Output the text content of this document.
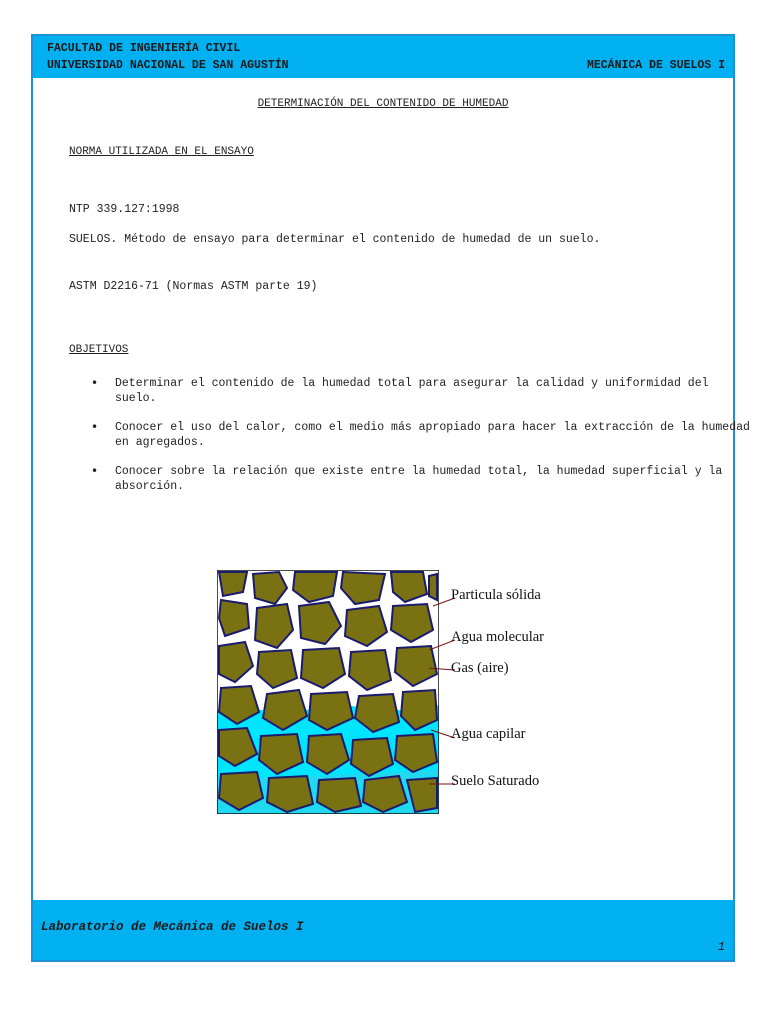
FACULTAD DE INGENIERÍA CIVIL
UNIVERSIDAD NACIONAL DE SAN AGUSTÍN	MECÁNICA DE SUELOS I
DETERMINACIÓN DEL CONTENIDO DE HUMEDAD
NORMA UTILIZADA EN EL ENSAYO
NTP 339.127:1998
SUELOS. Método de ensayo para determinar el contenido de humedad de un suelo.
ASTM D2216-71 (Normas ASTM parte 19)
OBJETIVOS
• Determinar el contenido de la humedad total para asegurar la calidad y uniformidad del suelo.
• Conocer el uso del calor, como el medio más apropiado para hacer la extracción de la humedad en agregados.
• Conocer sobre la relación que existe entre la humedad total, la humedad superficial y la absorción.
Particula sólida
Agua molecular
Gas (aire)
Agua capilar
Suelo Saturado
Laboratorio de Mecánica de Suelos I
1
